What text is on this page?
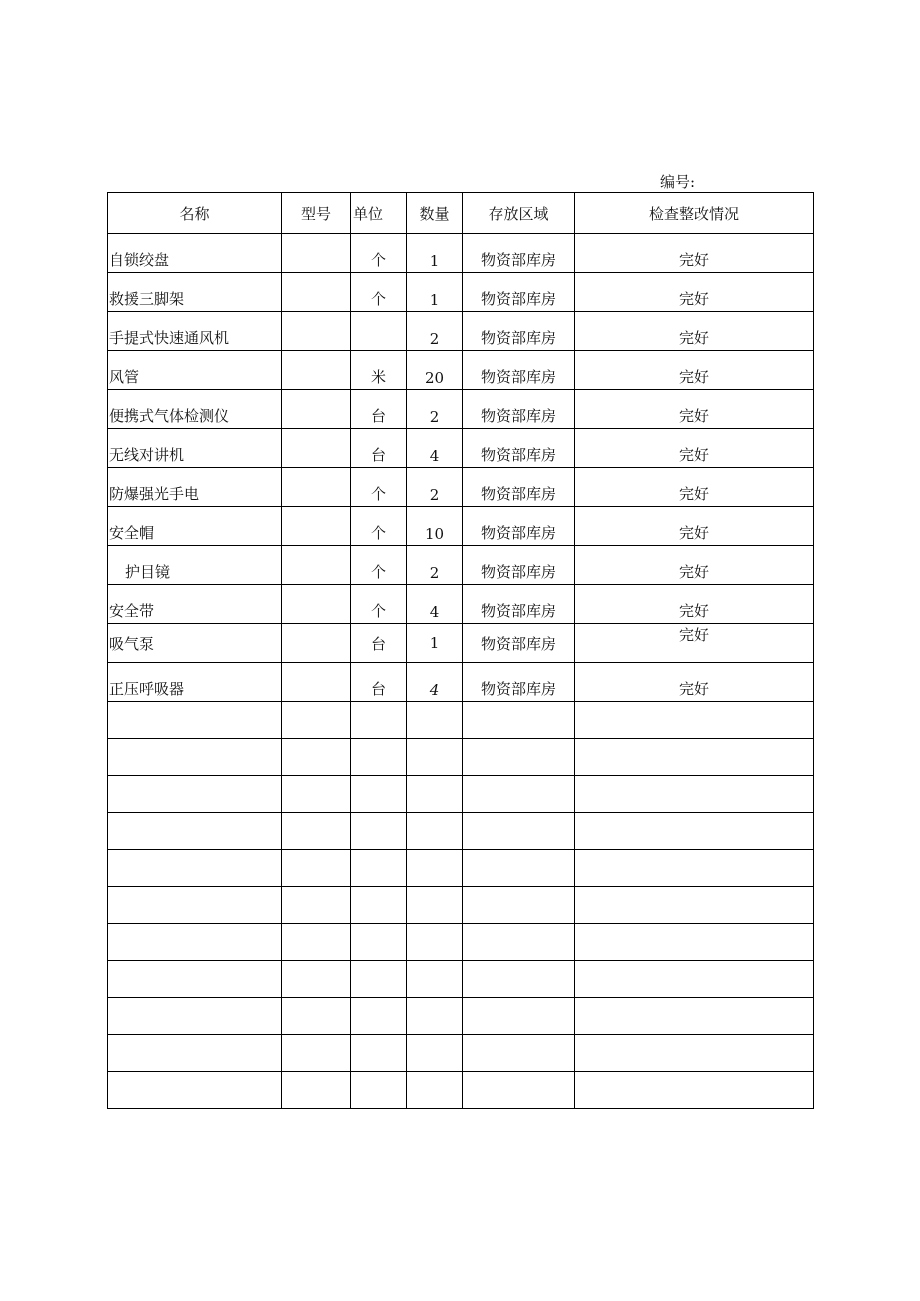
编号:
名称	型号	单位	数量	存放区域	检查整改情况
自锁绞盘		个	1	物资部库房	完好
救援三脚架		个	1	物资部库房	完好
手提式快速通风机			2	物资部库房	完好
风管		米	20	物资部库房	完好
便携式气体检测仪		台	2	物资部库房	完好
无线对讲机		台	4	物资部库房	完好
防爆强光手电		个	2	物资部库房	完好
安全帽		个	10	物资部库房	完好
护目镜		个	2	物资部库房	完好
安全带		个	4	物资部库房	完好
吸气泵		台	1	物资部库房	完好
正压呼吸器		台	4	物资部库房	完好
